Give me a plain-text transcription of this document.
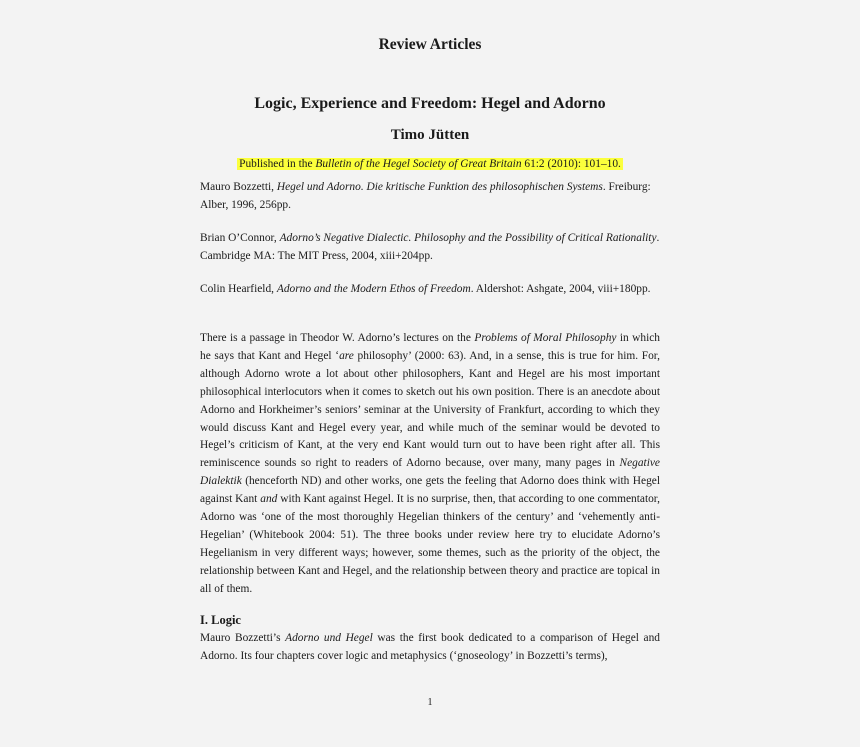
Review Articles
Logic, Experience and Freedom: Hegel and Adorno
Timo Jütten
Published in the Bulletin of the Hegel Society of Great Britain 61:2 (2010): 101–10.

Mauro Bozzetti, Hegel und Adorno. Die kritische Funktion des philosophischen Systems. Freiburg: Alber, 1996, 256pp.

Brian O’Connor, Adorno’s Negative Dialectic. Philosophy and the Possibility of Critical Rationality. Cambridge MA: The MIT Press, 2004, xiii+204pp.

Colin Hearfield, Adorno and the Modern Ethos of Freedom. Aldershot: Ashgate, 2004, viii+180pp.

There is a passage in Theodor W. Adorno’s lectures on the Problems of Moral Philosophy in which he says that Kant and Hegel ‘are philosophy’ (2000: 63). And, in a sense, this is true for him. For, although Adorno wrote a lot about other philosophers, Kant and Hegel are his most important philosophical interlocutors when it comes to sketch out his own position. There is an anecdote about Adorno and Horkheimer’s seniors’ seminar at the University of Frankfurt, according to which they would discuss Kant and Hegel every year, and while much of the seminar would be devoted to Hegel’s criticism of Kant, at the very end Kant would turn out to have been right after all. This reminiscence sounds so right to readers of Adorno because, over many, many pages in Negative Dialektik (henceforth ND) and other works, one gets the feeling that Adorno does think with Hegel against Kant and with Kant against Hegel. It is no surprise, then, that according to one commentator, Adorno was ‘one of the most thoroughly Hegelian thinkers of the century’ and ‘vehemently anti-Hegelian’ (Whitebook 2004: 51). The three books under review here try to elucidate Adorno’s Hegelianism in very different ways; however, some themes, such as the priority of the object, the relationship between Kant and Hegel, and the relationship between theory and practice are topical in all of them.

I. Logic

Mauro Bozzetti’s Adorno und Hegel was the first book dedicated to a comparison of Hegel and Adorno. Its four chapters cover logic and metaphysics (‘gnoseology’ in Bozzetti’s terms),

1
